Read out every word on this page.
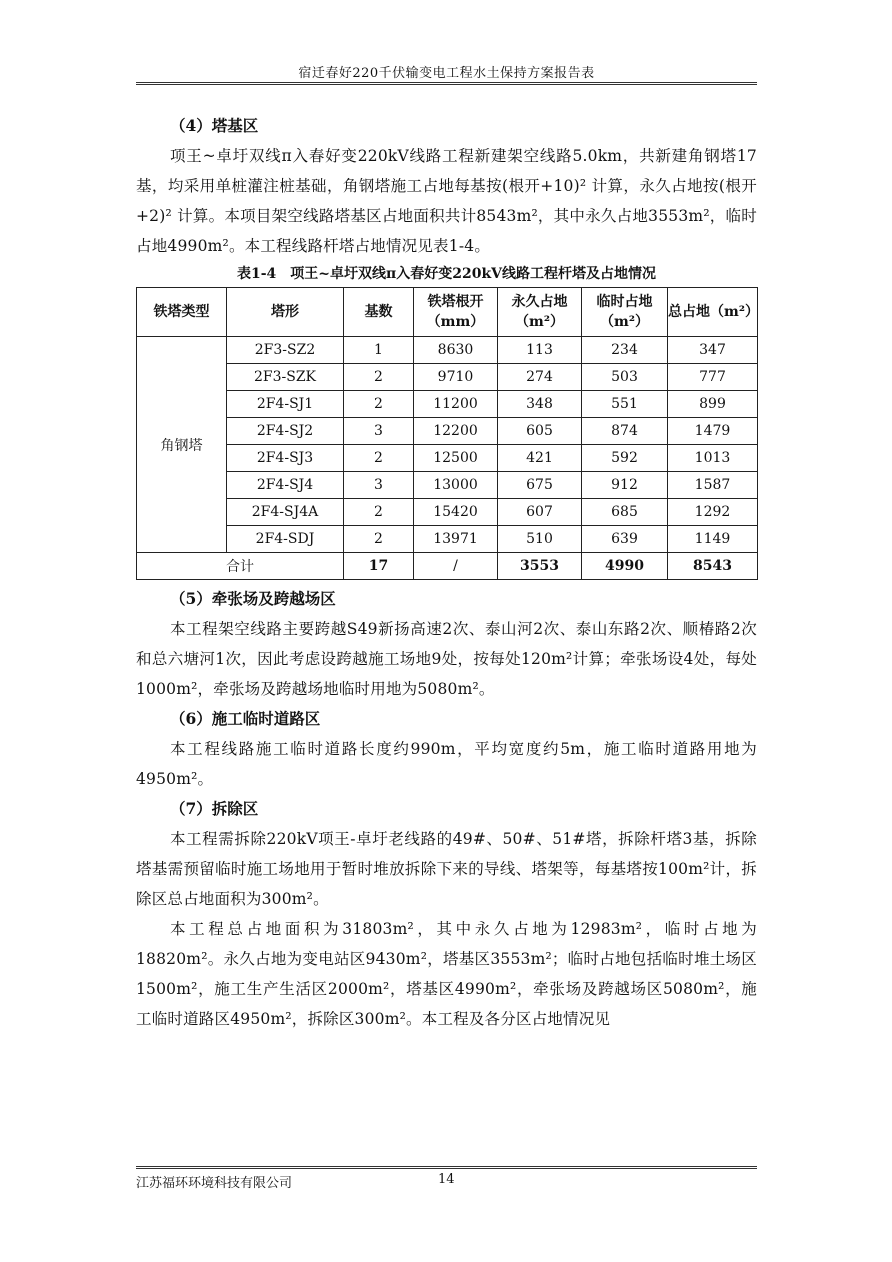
宿迁春好220千伏输变电工程水土保持方案报告表
（4）塔基区

项王~卓圩双线π入春好变220kV线路工程新建架空线路5.0km，共新建角钢塔17基，均采用单桩灌注桩基础，角钢塔施工占地每基按(根开+10)² 计算，永久占地按(根开+2)² 计算。本项目架空线路塔基区占地面积共计8543m²，其中永久占地3553m²，临时占地4990m²。本工程线路杆塔占地情况见表1-4。

表1-4　项王~卓圩双线π入春好变220kV线路工程杆塔及占地情况
铁塔类型	塔形	基数	铁塔根开（mm）	永久占地（m²）	临时占地（m²）	总占地（m²）
角钢塔	2F3-SZ2	1	8630	113	234	347
	2F3-SZK	2	9710	274	503	777
	2F4-SJ1	2	11200	348	551	899
	2F4-SJ2	3	12200	605	874	1479
	2F4-SJ3	2	12500	421	592	1013
	2F4-SJ4	3	13000	675	912	1587
	2F4-SJ4A	2	15420	607	685	1292
	2F4-SDJ	2	13971	510	639	1149
合计		17	/	3553	4990	8543
（5）牵张场及跨越场区

本工程架空线路主要跨越S49新扬高速2次、泰山河2次、泰山东路2次、顺椿路2次和总六塘河1次，因此考虑设跨越施工场地9处，按每处120m²计算；牵张场设4处，每处1000m²，牵张场及跨越场地临时用地为5080m²。

（6）施工临时道路区

本工程线路施工临时道路长度约990m，平均宽度约5m，施工临时道路用地为4950m²。

（7）拆除区

本工程需拆除220kV项王-卓圩老线路的49#、50#、51#塔，拆除杆塔3基，拆除塔基需预留临时施工场地用于暂时堆放拆除下来的导线、塔架等，每基塔按100m²计，拆除区总占地面积为300m²。

本工程总占地面积为31803m²，其中永久占地为12983m²，临时占地为18820m²。永久占地为变电站区9430m²，塔基区3553m²；临时占地包括临时堆土场区1500m²，施工生产生活区2000m²，塔基区4990m²，牵张场及跨越场区5080m²，施工临时道路区4950m²，拆除区300m²。本工程及各分区占地情况见

江苏福环环境科技有限公司	14
